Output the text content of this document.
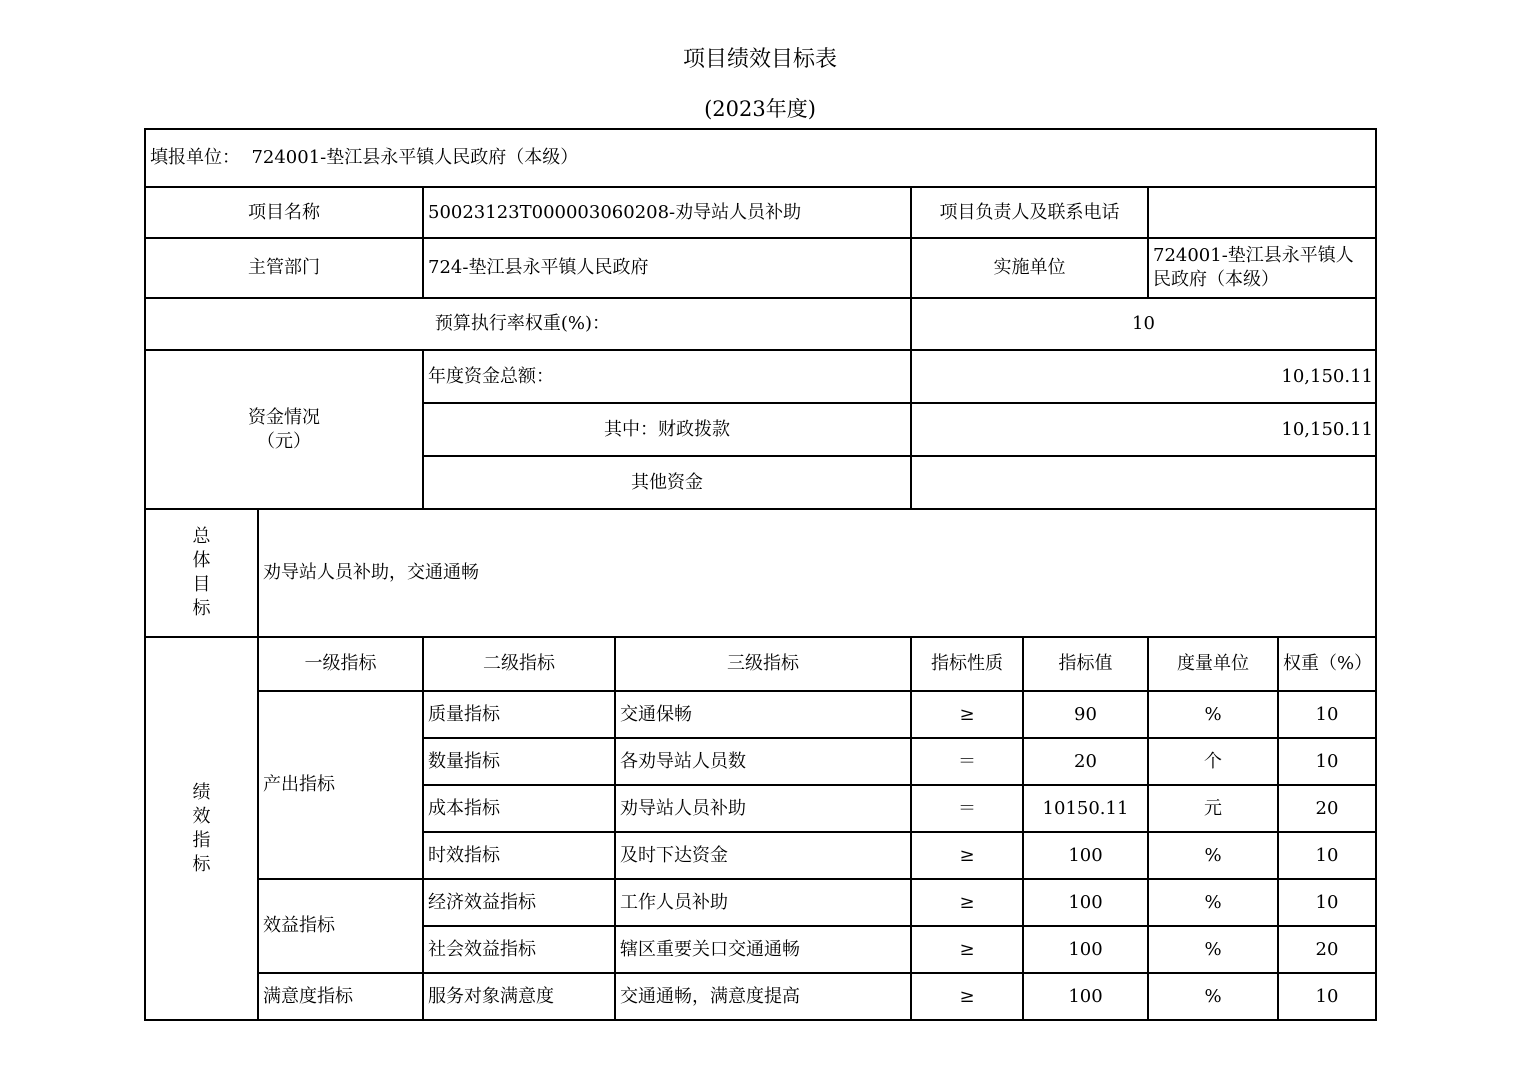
项目绩效目标表
(2023年度)
填报单位： 724001-垫江县永平镇人民政府（本级）							
项目名称		50023123T000003060208-劝导站人员补助		项目负责人及联系电话			
主管部门		724-垫江县永平镇人民政府		实施单位		724001-垫江县永平镇人民政府（本级）	
预算执行率权重(%)：				10			

资金情况
（元）		年度资金总额：		10,150.11			
		其中：财政拨款		10,150.11			
		其他资金					

总
体
目
标	劝导站人员补助，交通通畅						

绩
效
指
标	一级指标	二级指标	三级指标	指标性质	指标值	度量单位	权重（%）
	产出指标	质量指标	交通保畅	≥	90	%	10
		数量指标	各劝导站人员数	＝	20	个	10
		成本指标	劝导站人员补助	＝	10150.11	元	20
		时效指标	及时下达资金	≥	100	%	10
	效益指标	经济效益指标	工作人员补助	≥	100	%	10
		社会效益指标	辖区重要关口交通通畅	≥	100	%	20
	满意度指标	服务对象满意度	交通通畅，满意度提高	≥	100	%	10
